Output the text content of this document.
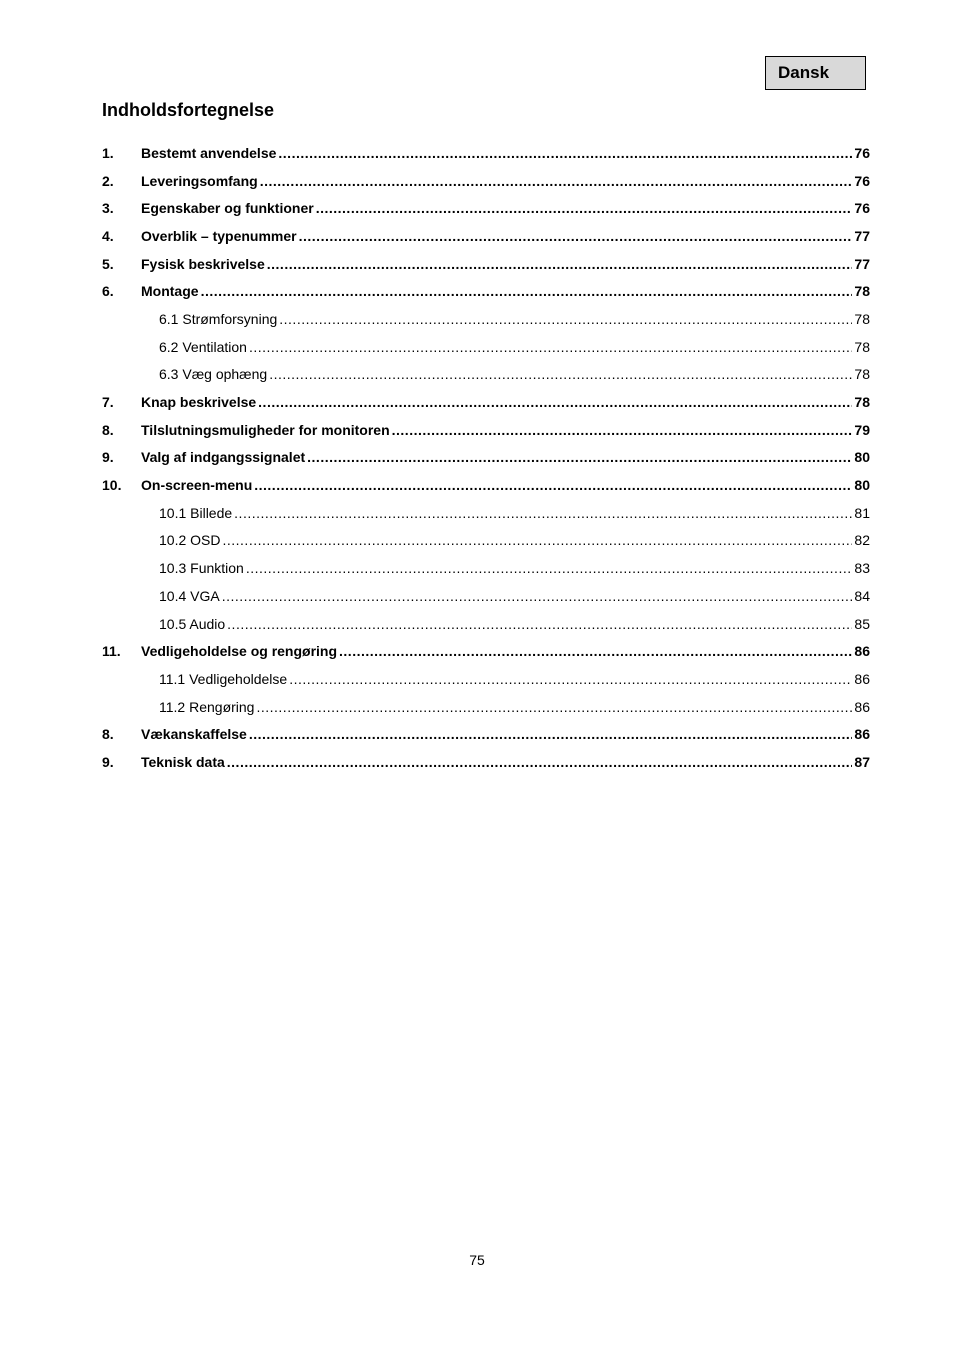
Dansk
Indholdsfortegnelse
1.	Bestemt anvendelse .....	76
2.	Leveringsomfang .....	76
3.	Egenskaber og funktioner .....	76
4.	Overblik – typenummer .....	77
5.	Fysisk beskrivelse .....	77
6.	Montage .....	78
6.1 Strømforsyning .....	78
6.2 Ventilation .....	78
6.3 Væg ophæng .....	78
7.	Knap beskrivelse .....	78
8.	Tilslutningsmuligheder for monitoren .....	79
9.	Valg af indgangssignalet .....	80
10.	On-screen-menu .....	80
10.1 Billede .....	81
10.2 OSD .....	82
10.3 Funktion .....	83
10.4 VGA .....	84
10.5 Audio .....	85
11.	Vedligeholdelse og rengøring .....	86
11.1 Vedligeholdelse .....	86
11.2 Rengøring .....	86
8.	Vækanskaffelse .....	86
9.	Teknisk data .....	87
75
